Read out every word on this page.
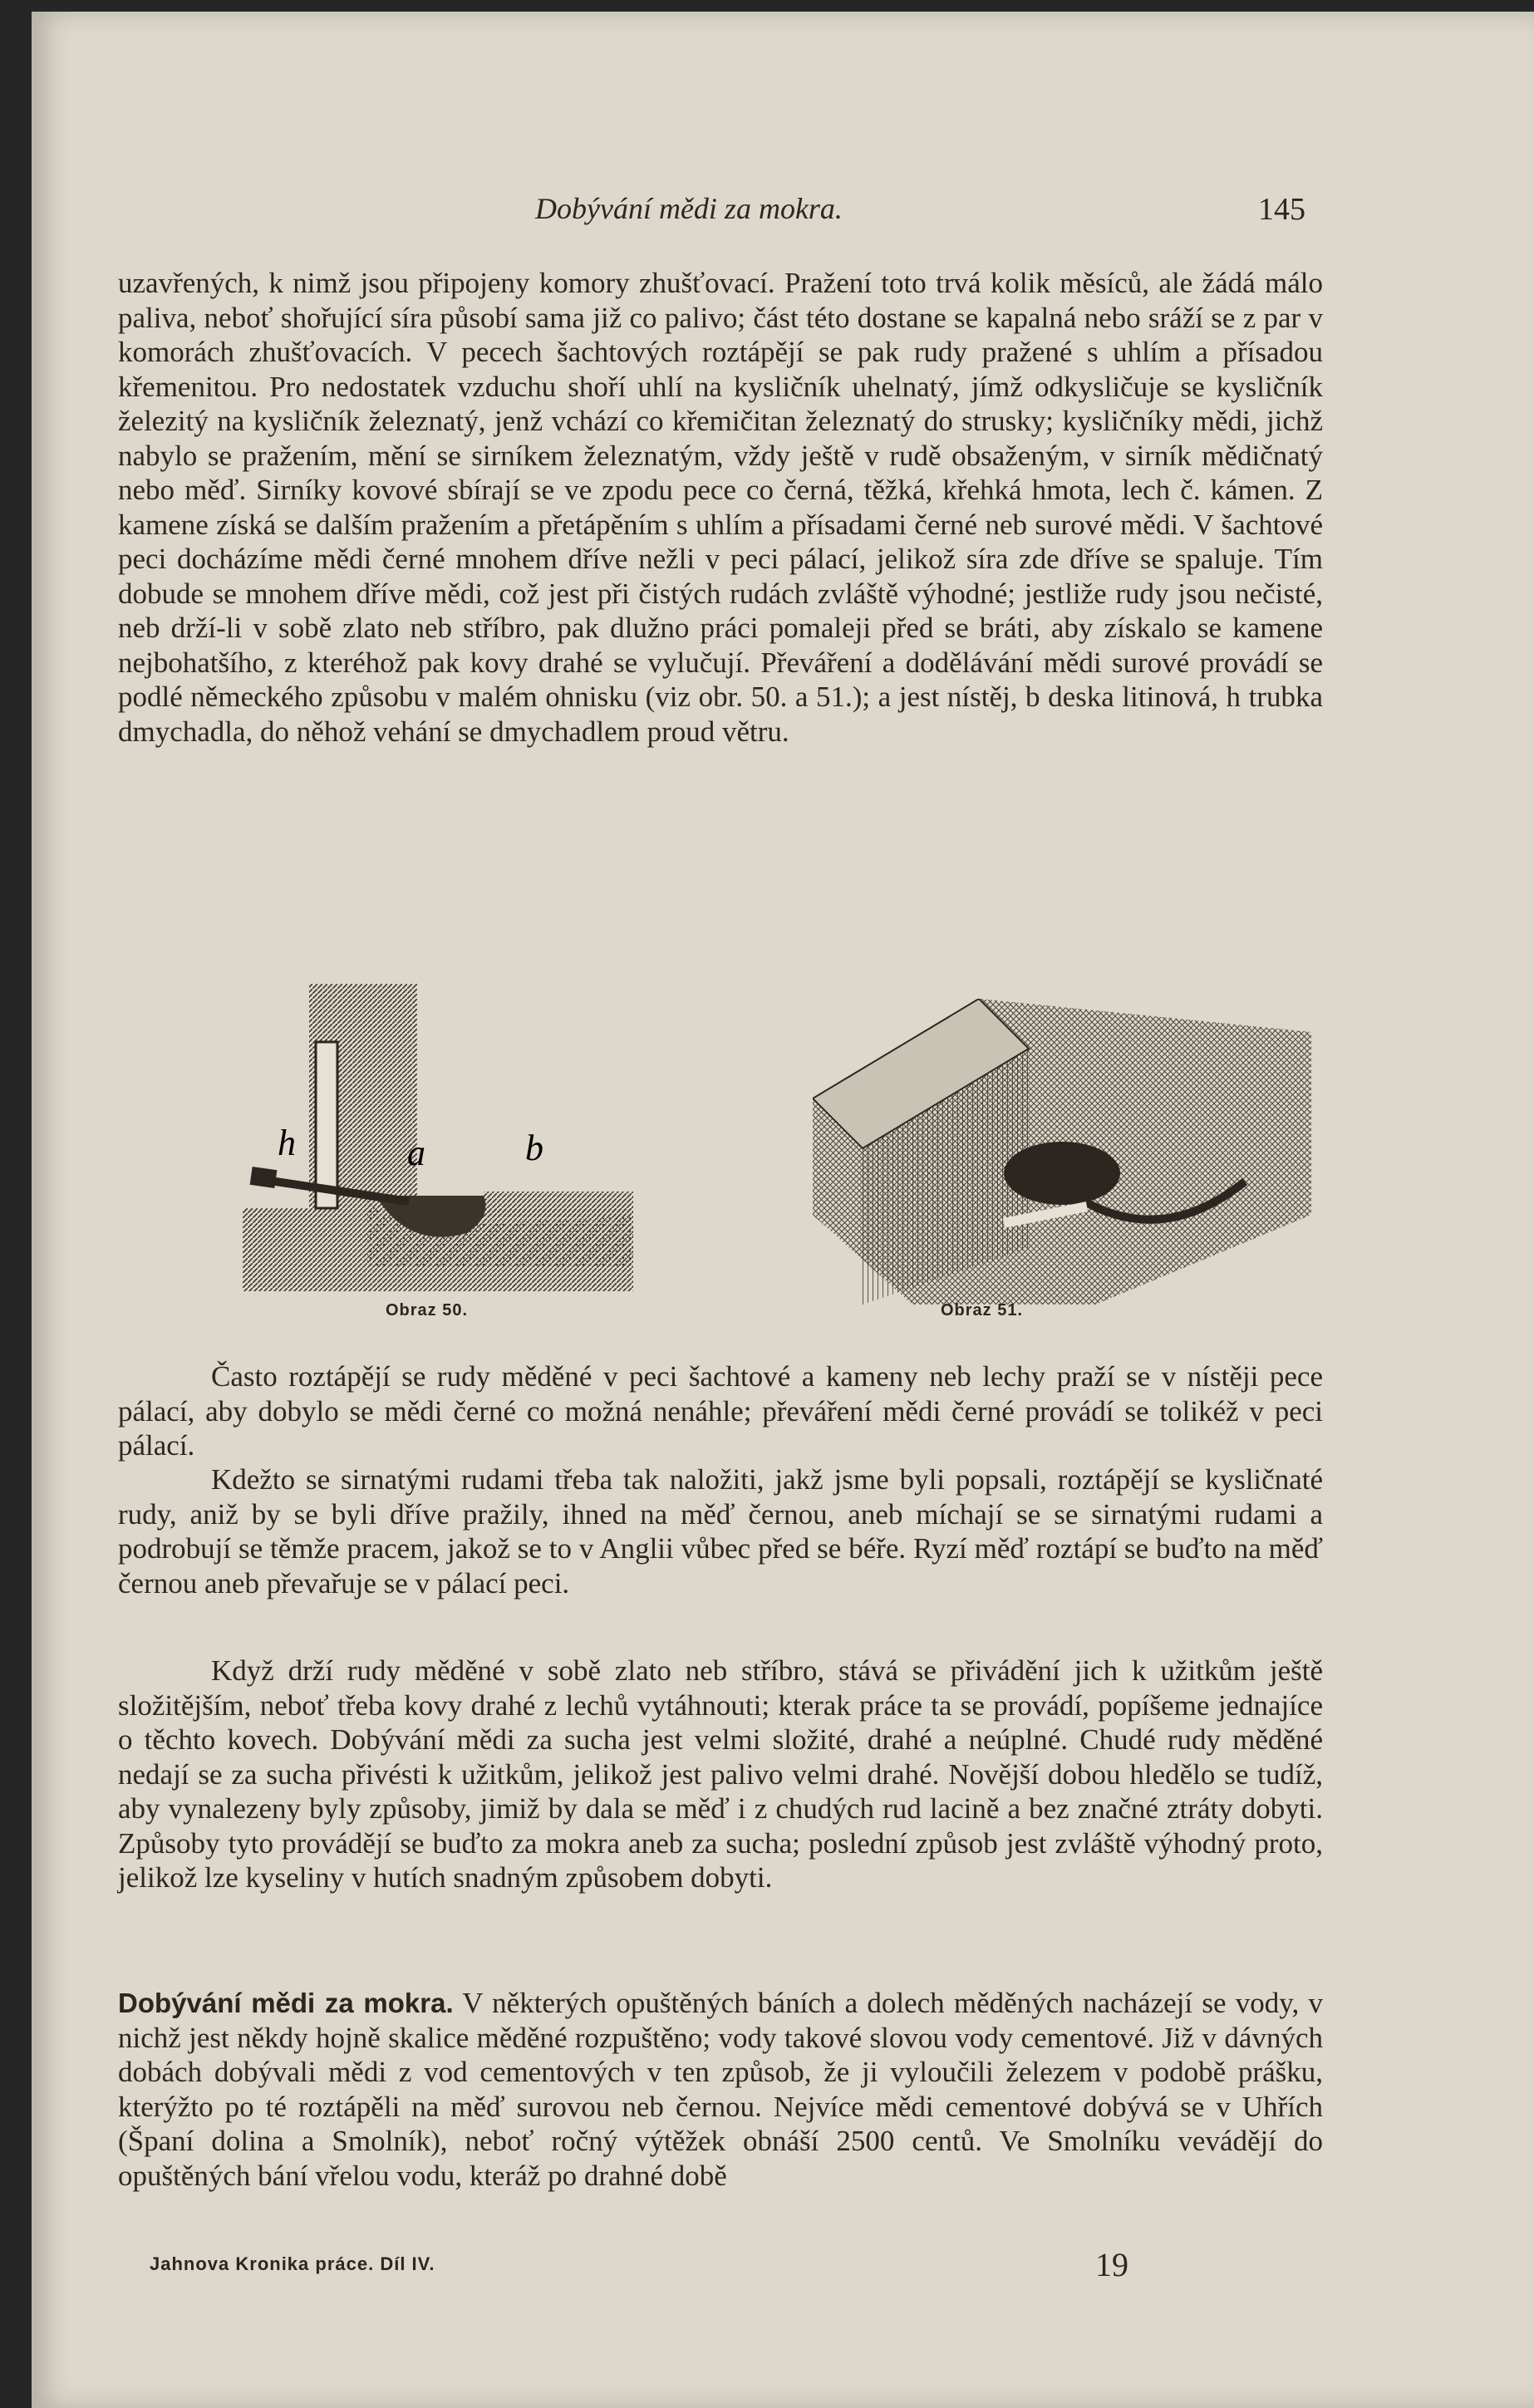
Dobývání mědi za mokra.	145

uzavřených, k nimž jsou připojeny komory zhušťovací. Pražení toto trvá kolik měsíců, ale žádá málo paliva, neboť shořující síra působí sama již co palivo; část této dostane se kapalná nebo sráží se z par v komorách zhušťovacích. V pecech šachtových roztápějí se pak rudy pražené s uhlím a přísadou křemenitou. Pro nedostatek vzduchu shoří uhlí na kysličník uhelnatý, jímž odkysličuje se kysličník železitý na kysličník železnatý, jenž vchází co křemičitan železnatý do strusky; kysličníky mědi, jichž nabylo se pražením, mění se sirníkem železnatým, vždy ještě v rudě obsaženým, v sirník mědičnatý nebo měď. Sirníky kovové sbírají se ve zpodu pece co černá, těžká, křehká hmota, lech č. kámen. Z kamene získá se dalším pražením a přetápěním s uhlím a přísadami černé neb surové mědi. V šachtové peci docházíme mědi černé mnohem dříve nežli v peci pálací, jelikož síra zde dříve se spaluje. Tím dobude se mnohem dříve mědi, což jest při čistých rudách zvláště výhodné; jestliže rudy jsou nečisté, neb drží-li v sobě zlato neb stříbro, pak dlužno práci pomaleji před se bráti, aby získalo se kamene nejbohatšího, z kteréhož pak kovy drahé se vylučují. Převáření a dodělávání mědi surové provádí se podlé německého způsobu v malém ohnisku (viz obr. 50. a 51.); a jest nístěj, b deska litinová, h trubka dmychadla, do něhož vehání se dmychadlem proud větru.

h	a	b
Obraz 50.	Obraz 51.

Často roztápějí se rudy měděné v peci šachtové a kameny neb lechy praží se v nístěji pece pálací, aby dobylo se mědi černé co možná nenáhle; převáření mědi černé provádí se tolikéž v peci pálací.

Kdežto se sirnatými rudami třeba tak naložiti, jakž jsme byli popsali, roztápějí se kysličnaté rudy, aniž by se byli dříve pražily, ihned na měď černou, aneb míchají se se sirnatými rudami a podrobují se těmže pracem, jakož se to v Anglii vůbec před se béře. Ryzí měď roztápí se buďto na měď černou aneb převařuje se v pálací peci.

Když drží rudy měděné v sobě zlato neb stříbro, stává se přivádění jich k užitkům ještě složitějším, neboť třeba kovy drahé z lechů vytáhnouti; kterak práce ta se provádí, popíšeme jednajíce o těchto kovech. Dobývání mědi za sucha jest velmi složité, drahé a neúplné. Chudé rudy měděné nedají se za sucha přivésti k užitkům, jelikož jest palivo velmi drahé. Novější dobou hledělo se tudíž, aby vynalezeny byly způsoby, jimiž by dala se měď i z chudých rud lacině a bez značné ztráty dobyti. Způsoby tyto provádějí se buďto za mokra aneb za sucha; poslední způsob jest zvláště výhodný proto, jelikož lze kyseliny v hutích snadným způsobem dobyti.

Dobývání mědi za mokra. V některých opuštěných báních a dolech měděných nacházejí se vody, v nichž jest někdy hojně skalice měděné rozpuštěno; vody takové slovou vody cementové. Již v dávných dobách dobývali mědi z vod cementových v ten způsob, že ji vyloučili železem v podobě prášku, kterýžto po té roztápěli na měď surovou neb černou. Nejvíce mědi cementové dobývá se v Uhřích (Španí dolina a Smolník), neboť ročný výtěžek obnáší 2500 centů. Ve Smolníku vevádějí do opuštěných bání vřelou vodu, kteráž po drahné době

Jahnova Kronika práce. Díl IV.	19
